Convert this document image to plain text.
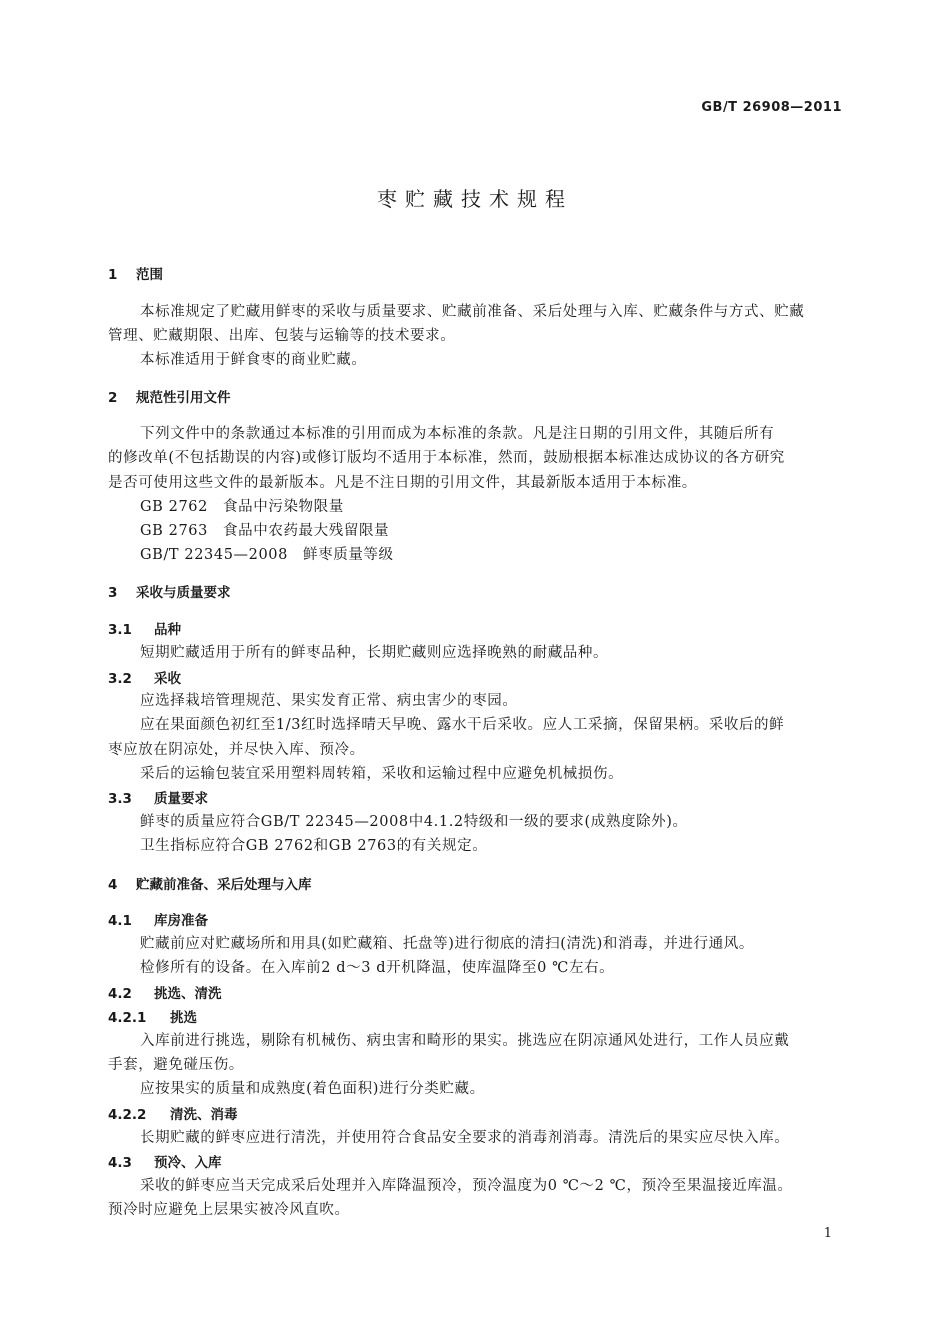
GB/T 26908—2011
枣贮藏技术规程
1 范围
本标准规定了贮藏用鲜枣的采收与质量要求、贮藏前准备、采后处理与入库、贮藏条件与方式、贮藏
管理、贮藏期限、出库、包装与运输等的技术要求。
本标准适用于鲜食枣的商业贮藏。
2 规范性引用文件
下列文件中的条款通过本标准的引用而成为本标准的条款。凡是注日期的引用文件，其随后所有
的修改单(不包括勘误的内容)或修订版均不适用于本标准，然而，鼓励根据本标准达成协议的各方研究
是否可使用这些文件的最新版本。凡是不注日期的引用文件，其最新版本适用于本标准。
GB 2762　食品中污染物限量
GB 2763　食品中农药最大残留限量
GB/T 22345—2008　鲜枣质量等级
3 采收与质量要求
3.1 品种
短期贮藏适用于所有的鲜枣品种，长期贮藏则应选择晚熟的耐藏品种。
3.2 采收
应选择栽培管理规范、果实发育正常、病虫害少的枣园。
应在果面颜色初红至1/3红时选择晴天早晚、露水干后采收。应人工采摘，保留果柄。采收后的鲜
枣应放在阴凉处，并尽快入库、预冷。
采后的运输包装宜采用塑料周转箱，采收和运输过程中应避免机械损伤。
3.3 质量要求
鲜枣的质量应符合GB/T 22345—2008中4.1.2特级和一级的要求(成熟度除外)。
卫生指标应符合GB 2762和GB 2763的有关规定。
4 贮藏前准备、采后处理与入库
4.1 库房准备
贮藏前应对贮藏场所和用具(如贮藏箱、托盘等)进行彻底的清扫(清洗)和消毒，并进行通风。
检修所有的设备。在入库前2 d～3 d开机降温，使库温降至0 ℃左右。
4.2 挑选、清洗
4.2.1 挑选
入库前进行挑选，剔除有机械伤、病虫害和畸形的果实。挑选应在阴凉通风处进行，工作人员应戴
手套，避免碰压伤。
应按果实的质量和成熟度(着色面积)进行分类贮藏。
4.2.2 清洗、消毒
长期贮藏的鲜枣应进行清洗，并使用符合食品安全要求的消毒剂消毒。清洗后的果实应尽快入库。
4.3 预冷、入库
采收的鲜枣应当天完成采后处理并入库降温预冷，预冷温度为0 ℃～2 ℃，预冷至果温接近库温。
预冷时应避免上层果实被冷风直吹。
1
